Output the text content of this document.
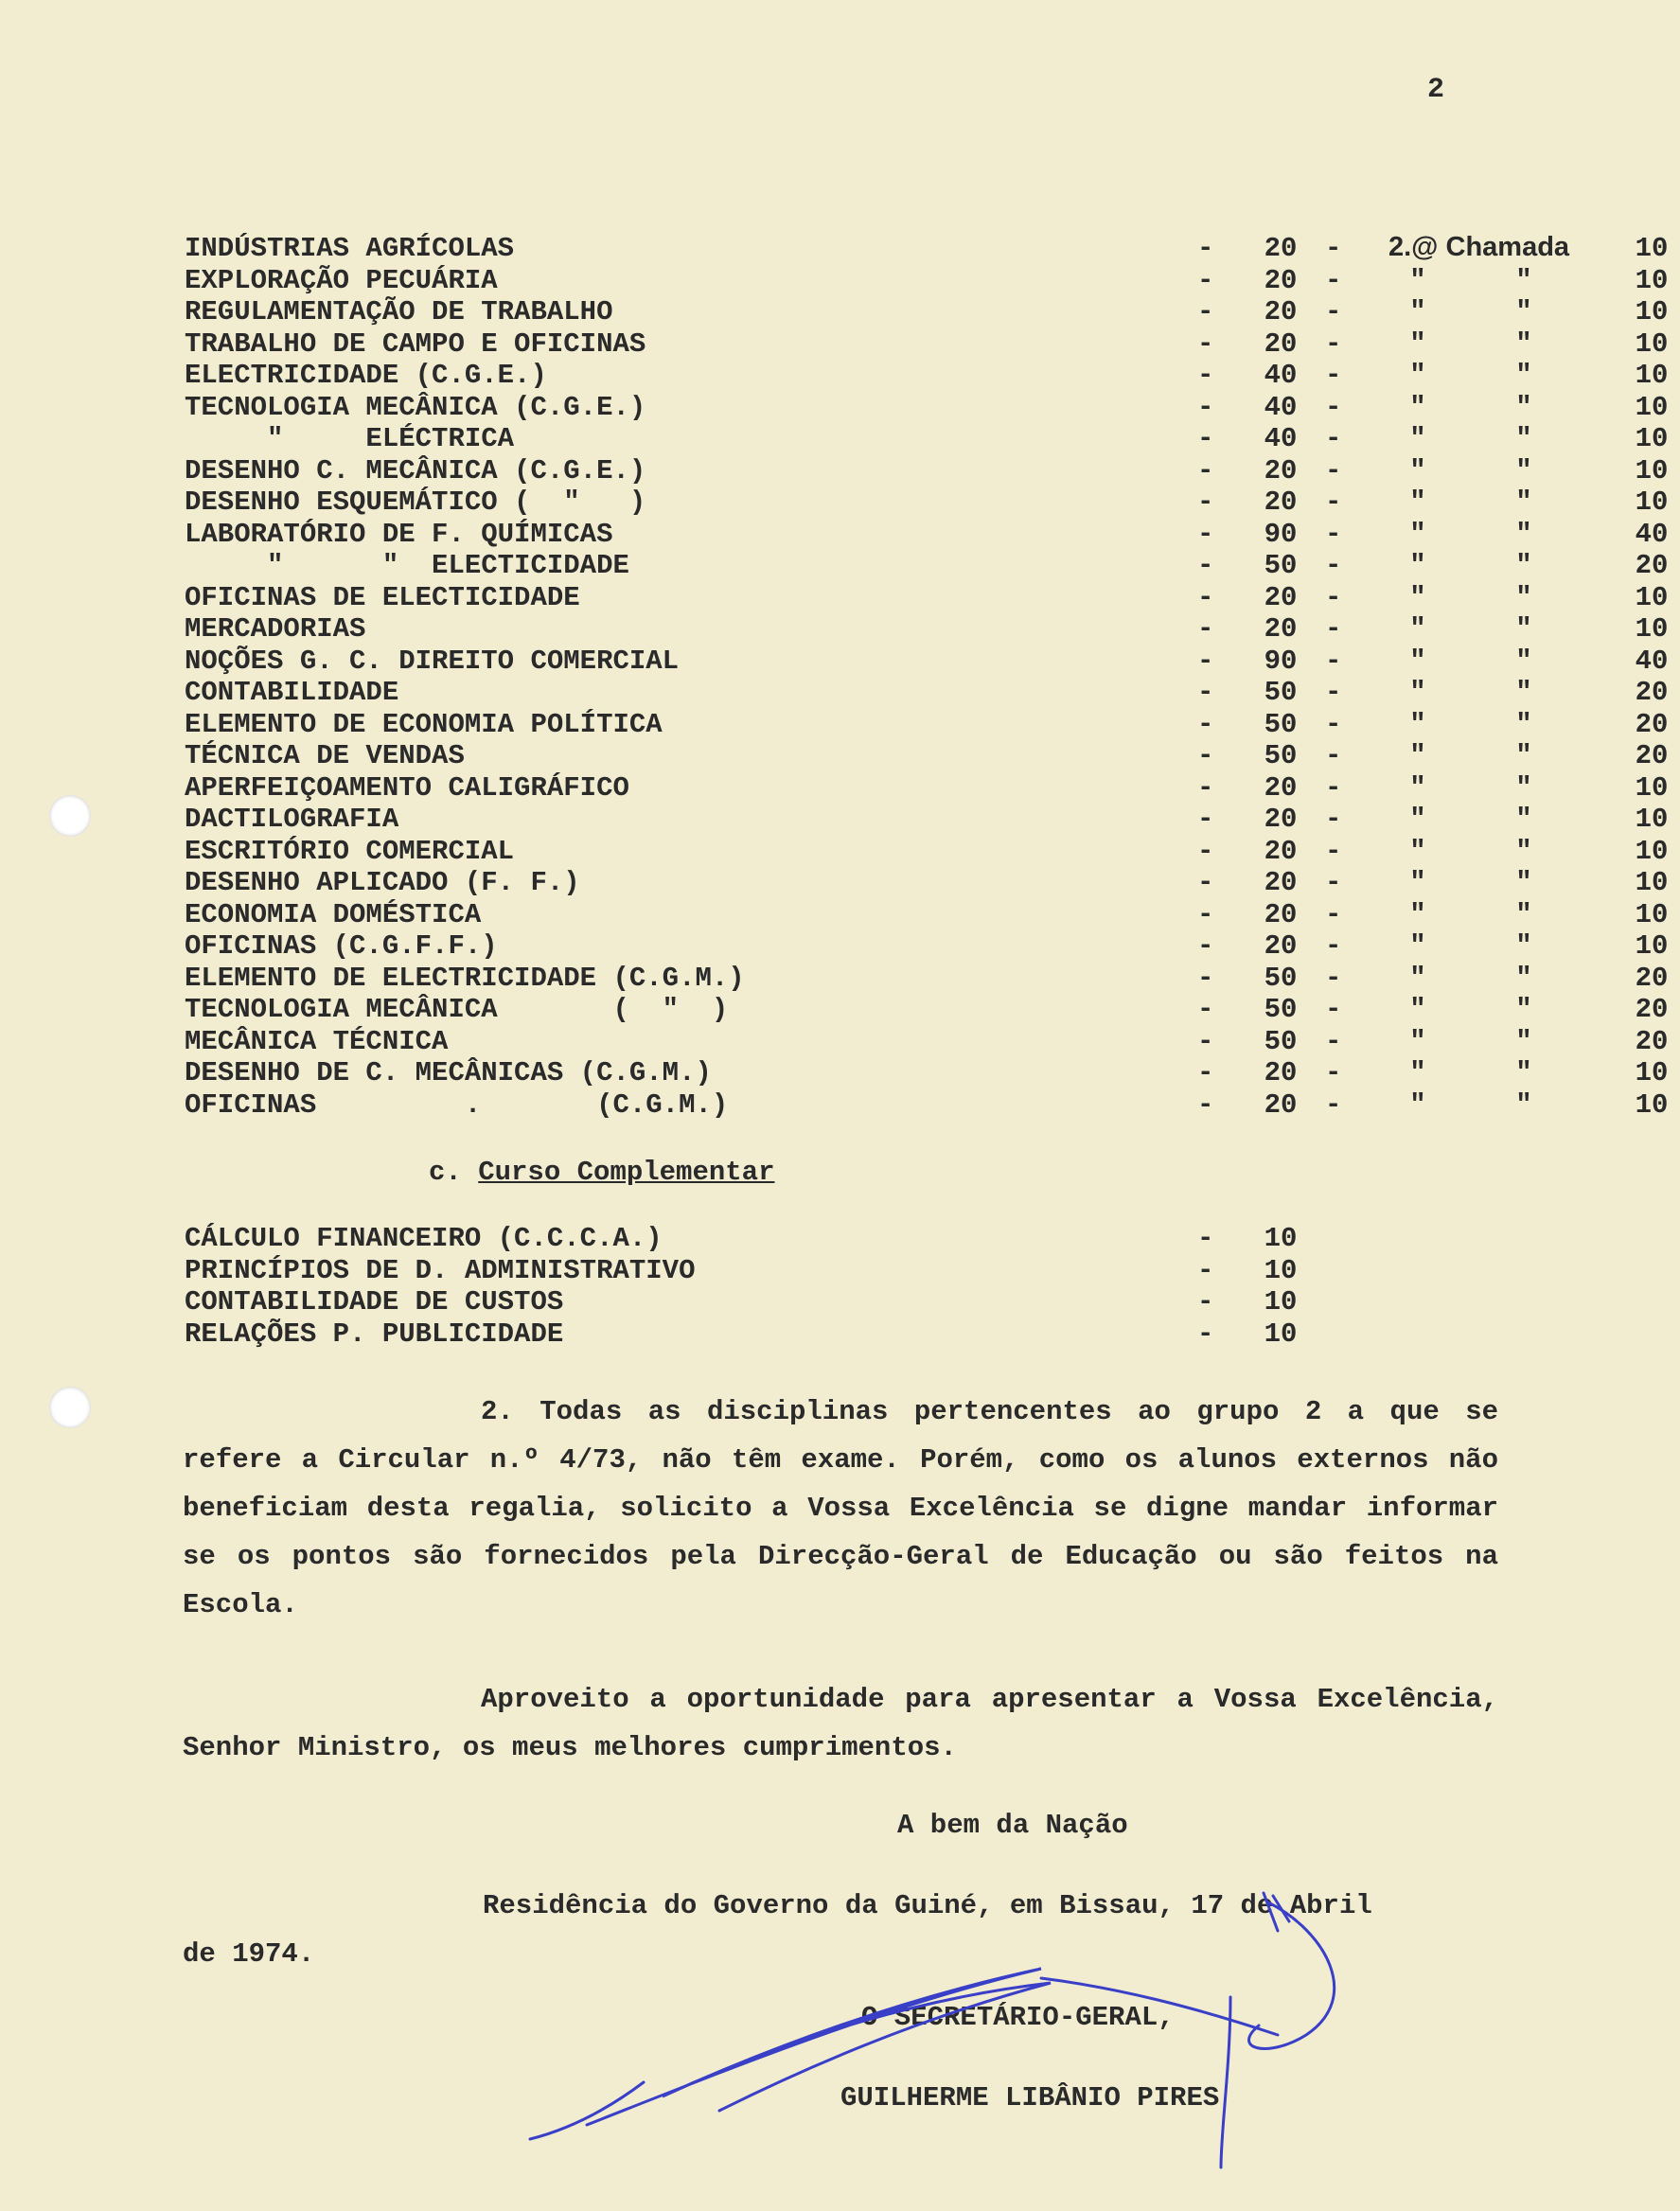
2
INDÚSTRIAS AGRÍCOLAS	-	20	- 2.@ Chamada	10
EXPLORAÇÃO PECUÁRIA	-	20	-	"	"	10
REGULAMENTAÇÃO DE TRABALHO	-	20	-	"	"	10
TRABALHO DE CAMPO E OFICINAS	-	20	-	"	"	10
ELECTRICIDADE (C.G.E.)	-	40	-	"	"	10
TECNOLOGIA MECÂNICA (C.G.E.)	-	40	-	"	"	10
"     ELÉCTRICA	-	40	-	"	"	10
DESENHO C. MECÂNICA (C.G.E.)	-	20	-	"	"	10
DESENHO ESQUEMÁTICO (  "   )	-	20	-	"	"	10
LABORATÓRIO DE F. QUÍMICAS	-	90	-	"	"	40
"      "  ELECTICIDADE	-	50	-	"	"	20
OFICINAS DE ELECTICIDADE	-	20	-	"	"	10
MERCADORIAS	-	20	-	"	"	10
NOÇÕES G. C. DIREITO COMERCIAL	-	90	-	"	"	40
CONTABILIDADE	-	50	-	"	"	20
ELEMENTO DE ECONOMIA POLÍTICA	-	50	-	"	"	20
TÉCNICA DE VENDAS	-	50	-	"	"	20
APERFEIÇOAMENTO CALIGRÁFICO	-	20	-	"	"	10
DACTILOGRAFIA	-	20	-	"	"	10
ESCRITÓRIO COMERCIAL	-	20	-	"	"	10
DESENHO APLICADO (F. F.)	-	20	-	"	"	10
ECONOMIA DOMÉSTICA	-	20	-	"	"	10
OFICINAS (C.G.F.F.)	-	20	-	"	"	10
ELEMENTO DE ELECTRICIDADE (C.G.M.)	-	50	-	"	"	20
TECNOLOGIA MECÂNICA       (  "  )	-	50	-	"	"	20
MECÂNICA TÉCNICA	-	50	-	"	"	20
DESENHO DE C. MECÂNICAS (C.G.M.)	-	20	-	"	"	10
OFICINAS         .       (C.G.M.)	-	20	-	"	"	10
c. Curso Complementar
CÁLCULO FINANCEIRO (C.C.C.A.)	-	10
PRINCÍPIOS DE D. ADMINISTRATIVO	-	10
CONTABILIDADE DE CUSTOS	-	10
RELAÇÕES P. PUBLICIDADE	-	10
2. Todas as disciplinas pertencentes ao grupo 2 a que se refere a Circular n.º 4/73, não têm exame. Porém, como os alunos externos não beneficiam desta regalia, solicito a Vossa Excelência se digne mandar informar se os pontos são fornecidos pela Direcção-Geral de Educação ou são feitos na Escola.
Aproveito a oportunidade para apresentar a Vossa Excelência, Senhor Ministro, os meus melhores cumprimentos.
A bem da Nação
Residência do Governo da Guiné, em Bissau, 17 de Abril
de 1974.
O SECRETÁRIO-GERAL,
GUILHERME LIBÂNIO PIRES
